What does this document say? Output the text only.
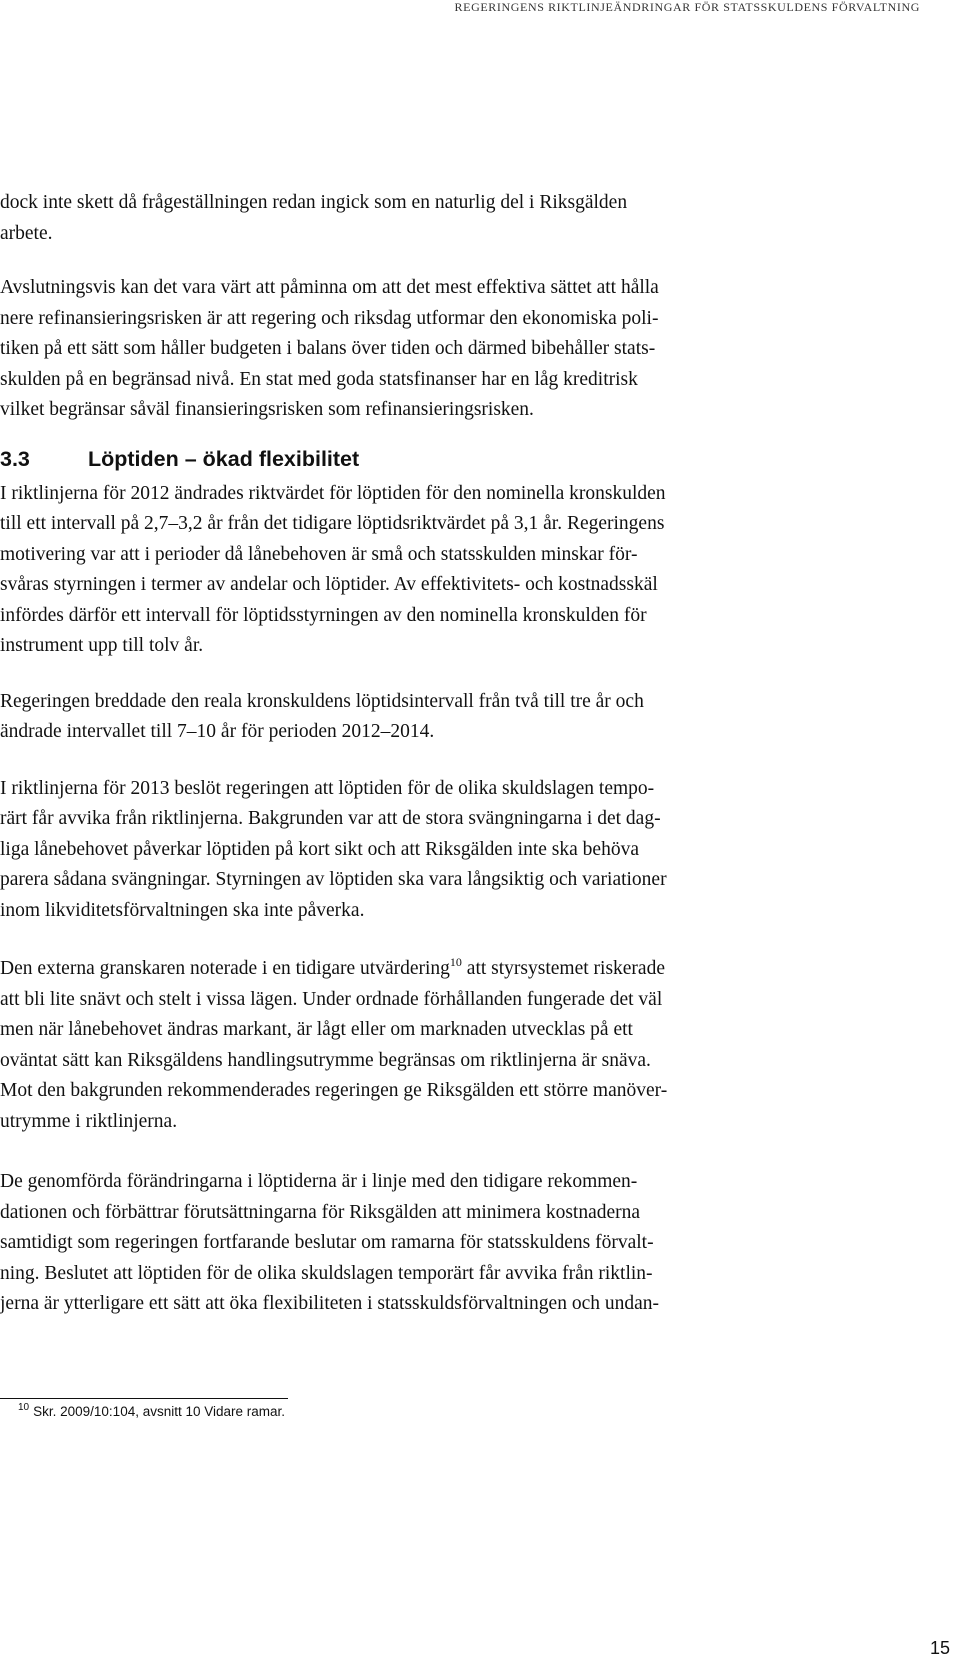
REGERINGENS RIKTLINJEÄNDRINGAR FÖR STATSSKULDENS FÖRVALTNING

dock inte skett då frågeställningen redan ingick som en naturlig del i Riksgälden
arbete.

Avslutningsvis kan det vara värt att påminna om att det mest effektiva sättet att hålla
nere refinansieringsrisken är att regering och riksdag utformar den ekonomiska poli-
tiken på ett sätt som håller budgeten i balans över tiden och därmed bibehåller stats-
skulden på en begränsad nivå. En stat med goda statsfinanser har en låg kreditrisk
vilket begränsar såväl finansieringsrisken som refinansieringsrisken.

3.3	Löptiden – ökad flexibilitet

I riktlinjerna för 2012 ändrades riktvärdet för löptiden för den nominella kronskulden
till ett intervall på 2,7–3,2 år från det tidigare löptidsriktvärdet på 3,1 år. Regeringens
motivering var att i perioder då lånebehoven är små och statsskulden minskar för-
svåras styrningen i termer av andelar och löptider. Av effektivitets- och kostnadsskäl
infördes därför ett intervall för löptidsstyrningen av den nominella kronskulden för
instrument upp till tolv år.

Regeringen breddade den reala kronskuldens löptidsintervall från två till tre år och
ändrade intervallet till 7–10 år för perioden 2012–2014.

I riktlinjerna för 2013 beslöt regeringen att löptiden för de olika skuldslagen tempo-
rärt får avvika från riktlinjerna. Bakgrunden var att de stora svängningarna i det dag-
liga lånebehovet påverkar löptiden på kort sikt och att Riksgälden inte ska behöva
parera sådana svängningar. Styrningen av löptiden ska vara långsiktig och variationer
inom likviditetsförvaltningen ska inte påverka.

Den externa granskaren noterade i en tidigare utvärdering$^{10}$ att styrsystemet riskerade
att bli lite snävt och stelt i vissa lägen. Under ordnade förhållanden fungerade det väl
men när lånebehovet ändras markant, är lågt eller om marknaden utvecklas på ett
oväntat sätt kan Riksgäldens handlingsutrymme begränsas om riktlinjerna är snäva.
Mot den bakgrunden rekommenderades regeringen ge Riksgälden ett större manöver-
utrymme i riktlinjerna.

De genomförda förändringarna i löptiderna är i linje med den tidigare rekommen-
dationen och förbättrar förutsättningarna för Riksgälden att minimera kostnaderna
samtidigt som regeringen fortfarande beslutar om ramarna för statsskuldens förvalt-
ning. Beslutet att löptiden för de olika skuldslagen temporärt får avvika från riktlin-
jerna är ytterligare ett sätt att öka flexibiliteten i statsskuldsförvaltningen och undan-

$^{10}$ Skr. 2009/10:104, avsnitt 10 Vidare ramar.
15
